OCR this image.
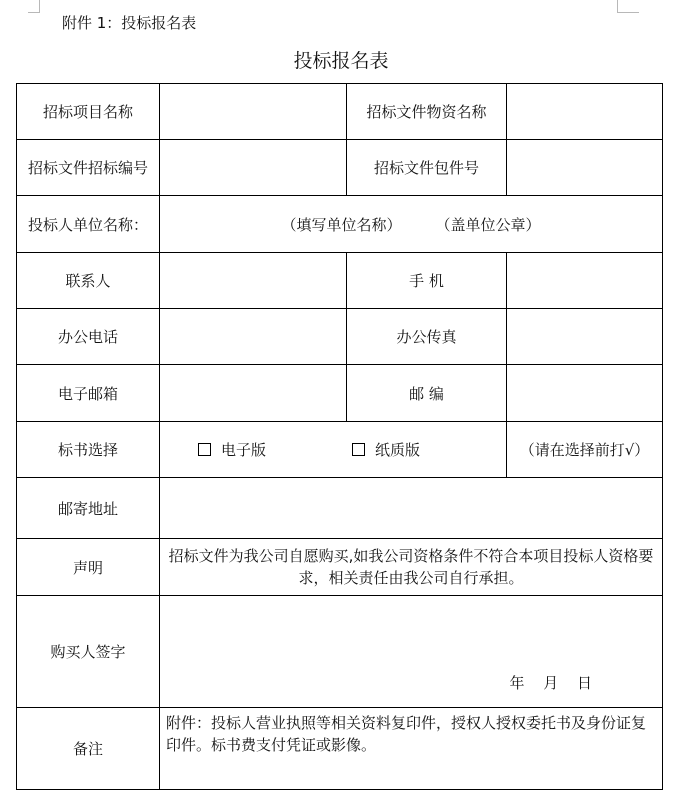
附件 1：投标报名表
投标报名表
招标项目名称		招标文件物资名称	
招标文件招标编号		招标文件包件号	
投标人单位名称：	（填写单位名称） （盖单位公章）		
联系人		手 机	
办公电话		办公传真	
电子邮箱		邮 编	
标书选择	电子版 纸质版		（请在选择前打√）
邮寄地址			
声明	招标文件为我公司自愿购买,如我公司资格条件不符合本项目投标人资格要求，相关责任由我公司自行承担。		
购买人签字	年 月 日		

备注	附件：投标人营业执照等相关资料复印件，授权人授权委托书及身份证复印件。标书费支付凭证或影像。		
